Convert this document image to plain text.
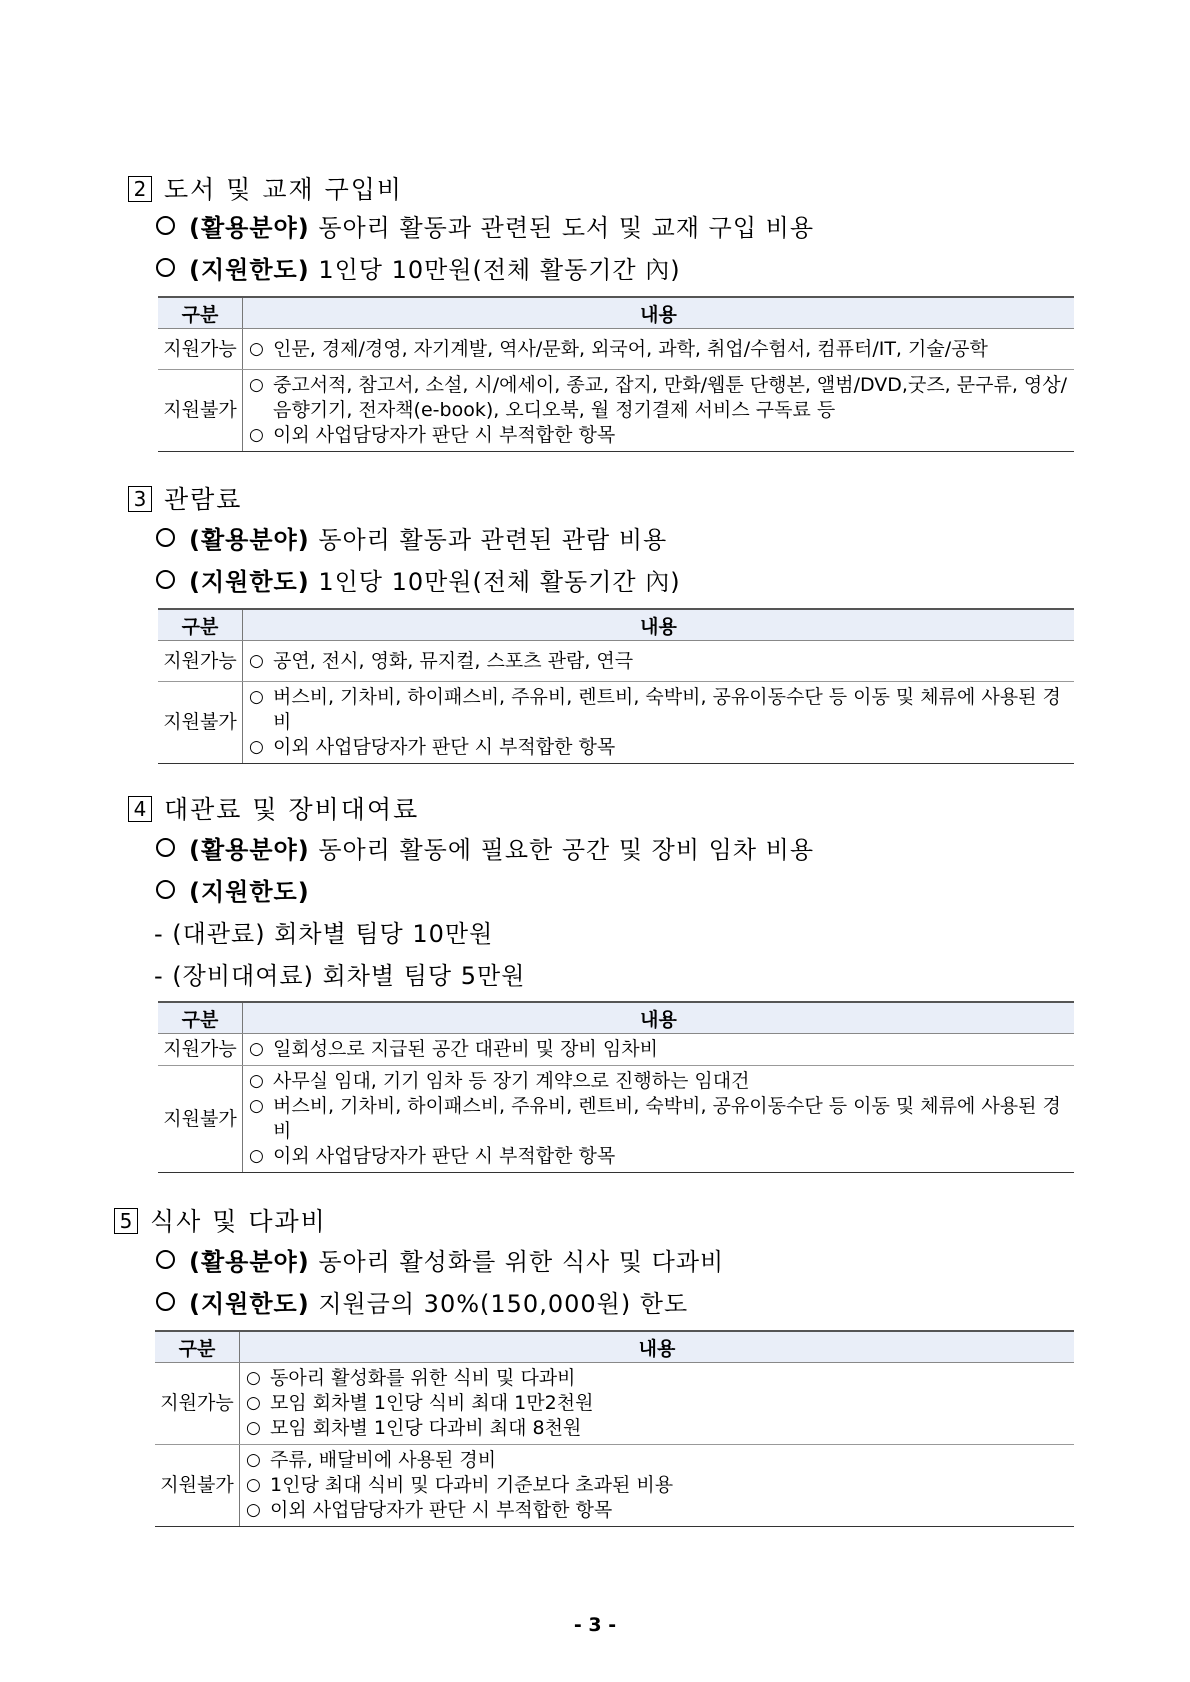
2 도서 및 교재 구입비
(활용분야) 동아리 활동과 관련된 도서 및 교재 구입 비용
(지원한도) 1인당 10만원(전체 활동기간 內)
구분	내용
지원가능	○ 인문, 경제/경영, 자기계발, 역사/문화, 외국어, 과학, 취업/수험서, 컴퓨터/IT, 기술/공학

지원불가	○ 중고서적, 참고서, 소설, 시/에세이, 종교, 잡지, 만화/웹툰 단행본, 앨범/DVD,굿즈, 문구류, 영상/음향기기, 전자책(e-book), 오디오북, 월 정기결제 서비스 구독료 등
○ 이외 사업담당자가 판단 시 부적합한 항목
3 관람료
(활용분야) 동아리 활동과 관련된 관람 비용
(지원한도) 1인당 10만원(전체 활동기간 內)
구분	내용
지원가능	○ 공연, 전시, 영화, 뮤지컬, 스포츠 관람, 연극

지원불가	○ 버스비, 기차비, 하이패스비, 주유비, 렌트비, 숙박비, 공유이동수단 등 이동 및 체류에 사용된 경비
○ 이외 사업담당자가 판단 시 부적합한 항목
4 대관료 및 장비대여료
(활용분야) 동아리 활동에 필요한 공간 및 장비 임차 비용
(지원한도)
- (대관료) 회차별 팀당 10만원
- (장비대여료) 회차별 팀당 5만원
구분	내용
지원가능	○ 일회성으로 지급된 공간 대관비 및 장비 임차비

지원불가	○ 사무실 임대, 기기 임차 등 장기 계약으로 진행하는 임대건
○ 버스비, 기차비, 하이패스비, 주유비, 렌트비, 숙박비, 공유이동수단 등 이동 및 체류에 사용된 경비
○ 이외 사업담당자가 판단 시 부적합한 항목
5 식사 및 다과비
(활용분야) 동아리 활성화를 위한 식사 및 다과비
(지원한도) 지원금의 30%(150,000원) 한도
구분	내용
지원가능	○ 동아리 활성화를 위한 식비 및 다과비
○ 모임 회차별 1인당 식비 최대 1만2천원
○ 모임 회차별 1인당 다과비 최대 8천원

지원불가	○ 주류, 배달비에 사용된 경비
○ 1인당 최대 식비 및 다과비 기준보다 초과된 비용
○ 이외 사업담당자가 판단 시 부적합한 항목
- 3 -
